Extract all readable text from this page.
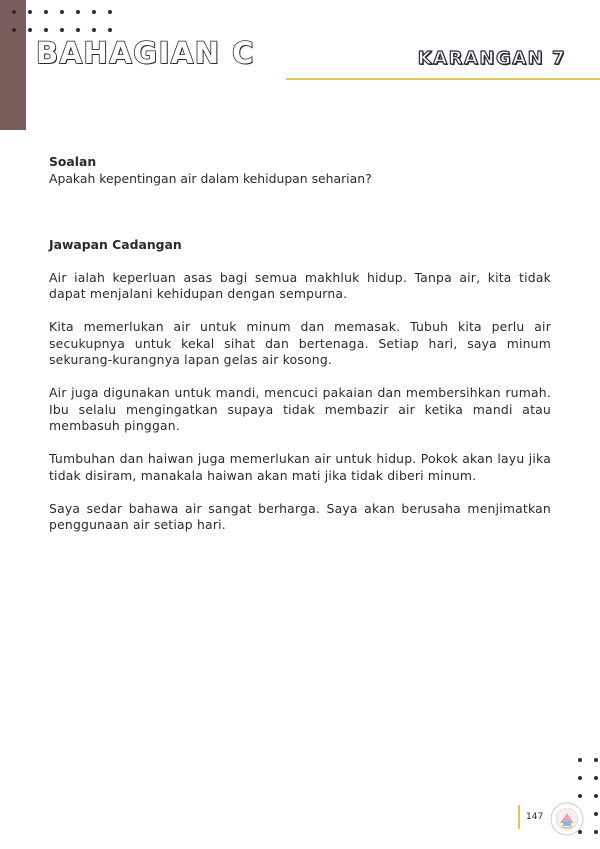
BAHAGIAN C	KARANGAN 7
Soalan

Apakah kepentingan air dalam kehidupan seharian?

Jawapan Cadangan

Air ialah keperluan asas bagi semua makhluk hidup. Tanpa air, kita tidak dapat menjalani kehidupan dengan sempurna.

Kita memerlukan air untuk minum dan memasak. Tubuh kita perlu air secukupnya untuk kekal sihat dan bertenaga. Setiap hari, saya minum sekurang-kurangnya lapan gelas air kosong.

Air juga digunakan untuk mandi, mencuci pakaian dan membersihkan rumah. Ibu selalu mengingatkan supaya tidak membazir air ketika mandi atau membasuh pinggan.

Tumbuhan dan haiwan juga memerlukan air untuk hidup. Pokok akan layu jika tidak disiram, manakala haiwan akan mati jika tidak diberi minum.

Saya sedar bahawa air sangat berharga. Saya akan berusaha menjimatkan penggunaan air setiap hari.

147
